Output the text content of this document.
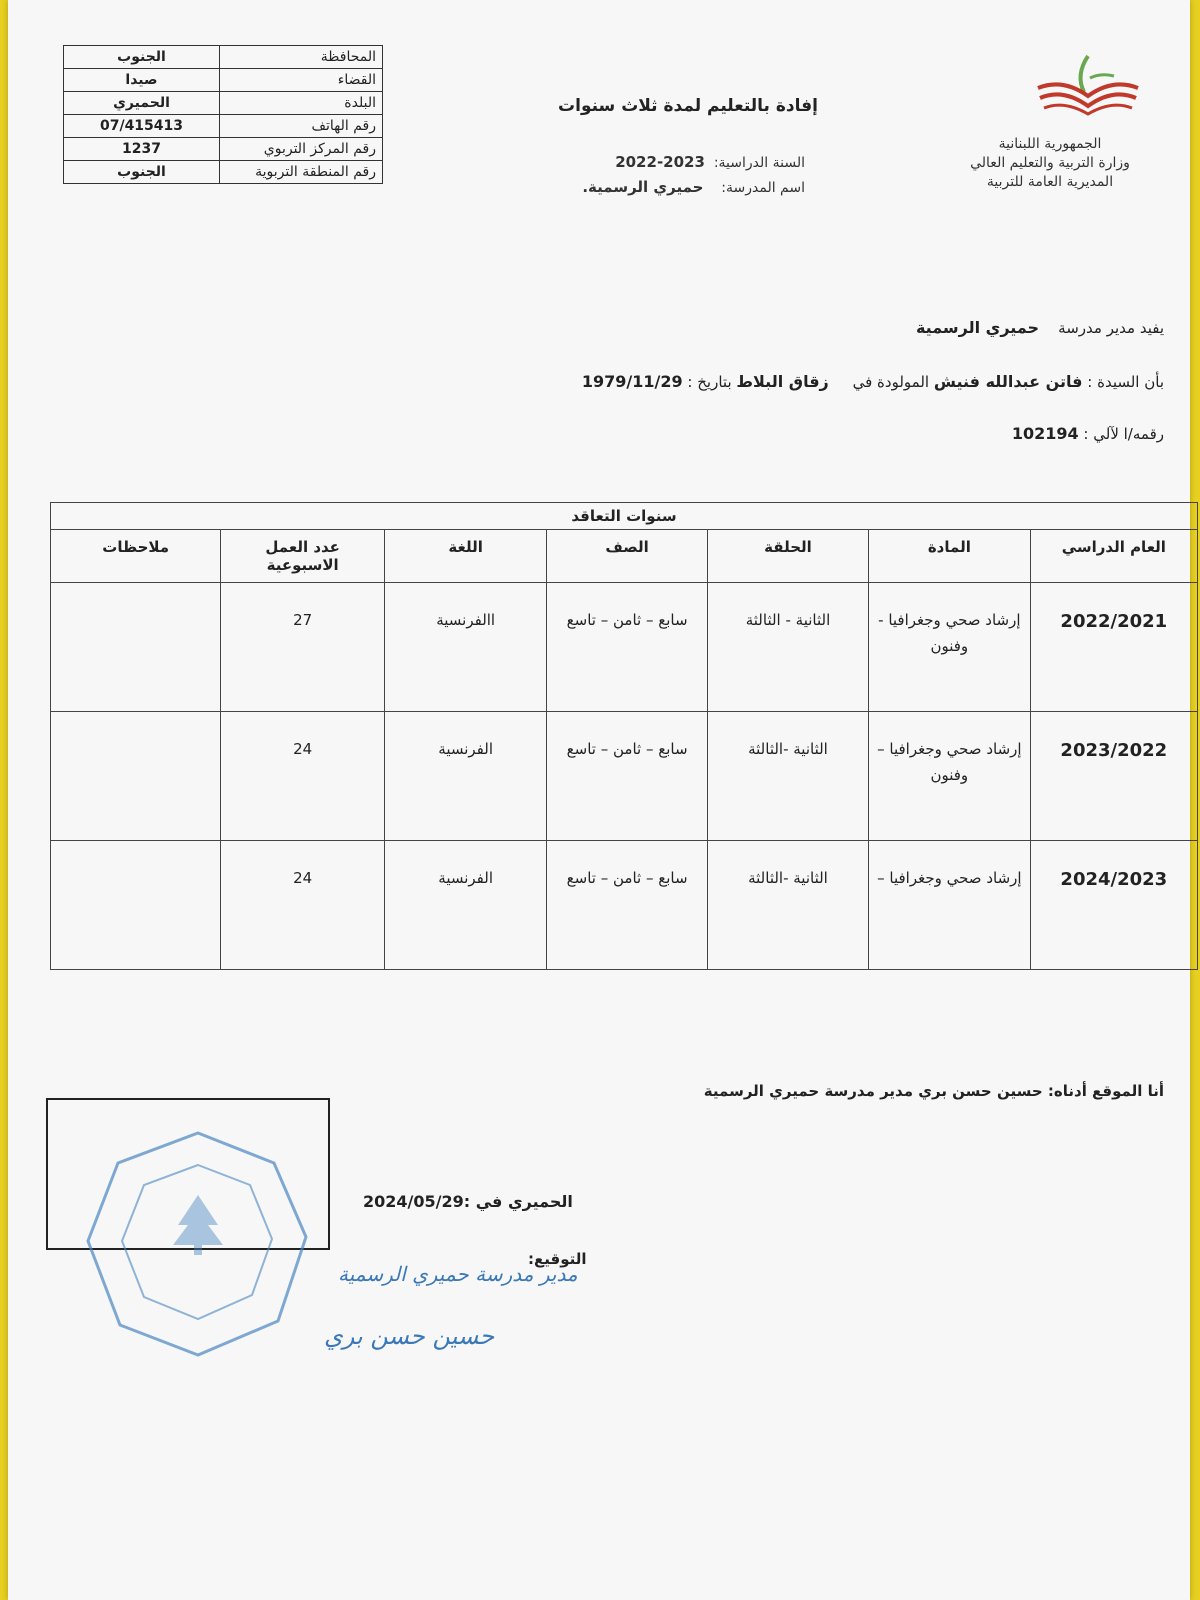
المحافظة	الجنوب
القضاء	صيدا
البلدة	الحميري
رقم الهاتف	07/415413
رقم المركز التربوي	1237
رقم المنطقة التربوية	الجنوب
الجمهورية اللبنانية
وزارة التربية والتعليم العالي
المديرية العامة للتربية
إفادة بالتعليم لمدة ثلاث سنوات
السنة الدراسية:  2023-2022
اسم المدرسة:    حميري الرسمية.
يفيد مدير مدرسة    حميري الرسمية
بأن السيدة : فاتن عبدالله فنيش المولودة في     زقاق البلاط بتاريخ : 1979/11/29
رقمه/ا لآلي : 102194
سنوات التعاقد						
العام الدراسي	المادة	الحلقة	الصف	اللغة	عدد العمل الاسبوعية	ملاحظات
2022/2021	إرشاد صحي وجغرافيا - وفنون	الثانية - الثالثة	سابع – ثامن – تاسع	االفرنسية	27	
2023/2022	إرشاد صحي وجغرافيا – وفنون	الثانية -الثالثة	سابع – ثامن – تاسع	الفرنسية	24	
2024/2023	إرشاد صحي وجغرافيا –	الثانية -الثالثة	سابع – ثامن – تاسع	الفرنسية	24	
أنا الموقع أدناه: حسين حسن بري مدير مدرسة حميري الرسمية
الحميري في :2024/05/29
التوقيع:
مدير مدرسة حميري الرسمية
حسين حسن بري
